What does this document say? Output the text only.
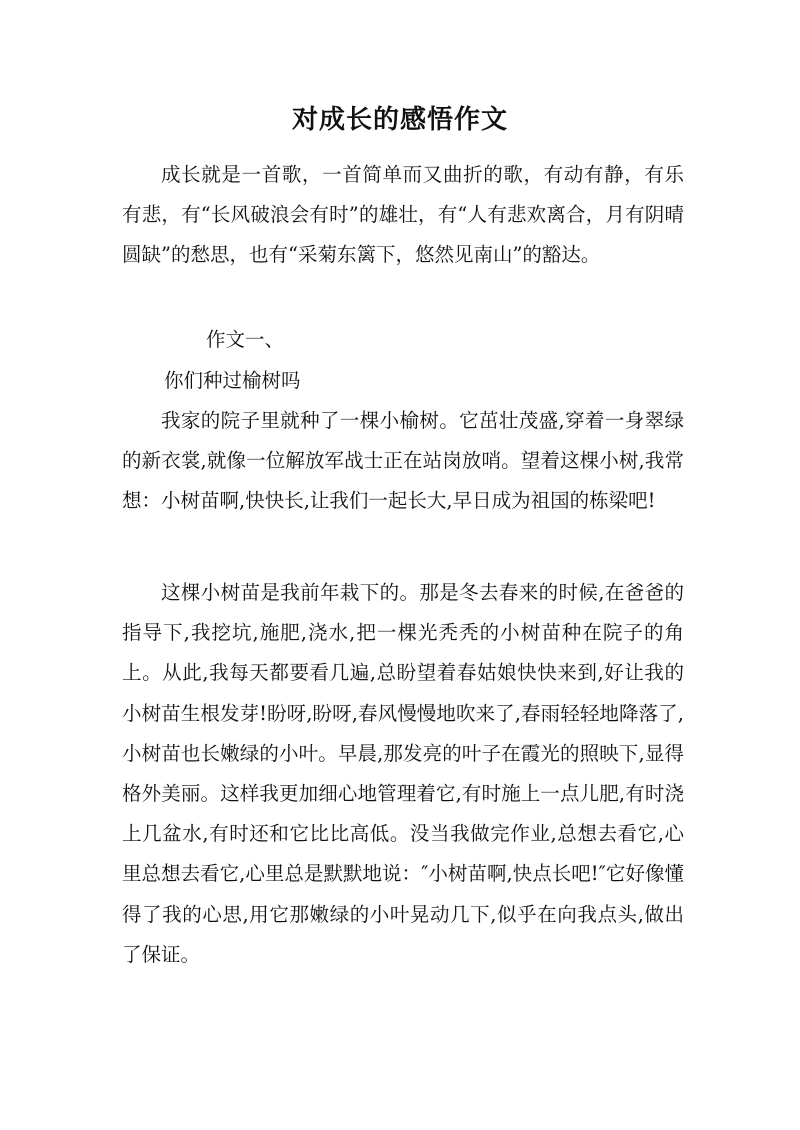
对成长的感悟作文

成长就是一首歌，一首简单而又曲折的歌，有动有静，有乐有悲，有“长风破浪会有时”的雄壮，有“人有悲欢离合，月有阴晴圆缺”的愁思，也有“采菊东篱下，悠然见南山”的豁达。

作文一、

你们种过榆树吗

我家的院子里就种了一棵小榆树。它茁壮茂盛,穿着一身翠绿的新衣裳,就像一位解放军战士正在站岗放哨。望着这棵小树,我常想：小树苗啊,快快长,让我们一起长大,早日成为祖国的栋梁吧!

这棵小树苗是我前年栽下的。那是冬去春来的时候,在爸爸的指导下,我挖坑,施肥,浇水,把一棵光秃秃的小树苗种在院子的角上。从此,我每天都要看几遍,总盼望着春姑娘快快来到,好让我的小树苗生根发芽!盼呀,盼呀,春风慢慢地吹来了,春雨轻轻地降落了,小树苗也长嫩绿的小叶。早晨,那发亮的叶子在霞光的照映下,显得格外美丽。这样我更加细心地管理着它,有时施上一点儿肥,有时浇上几盆水,有时还和它比比高低。没当我做完作业,总想去看它,心里总想去看它,心里总是默默地说：″小树苗啊,快点长吧!″它好像懂得了我的心思,用它那嫩绿的小叶晃动几下,似乎在向我点头,做出了保证。
